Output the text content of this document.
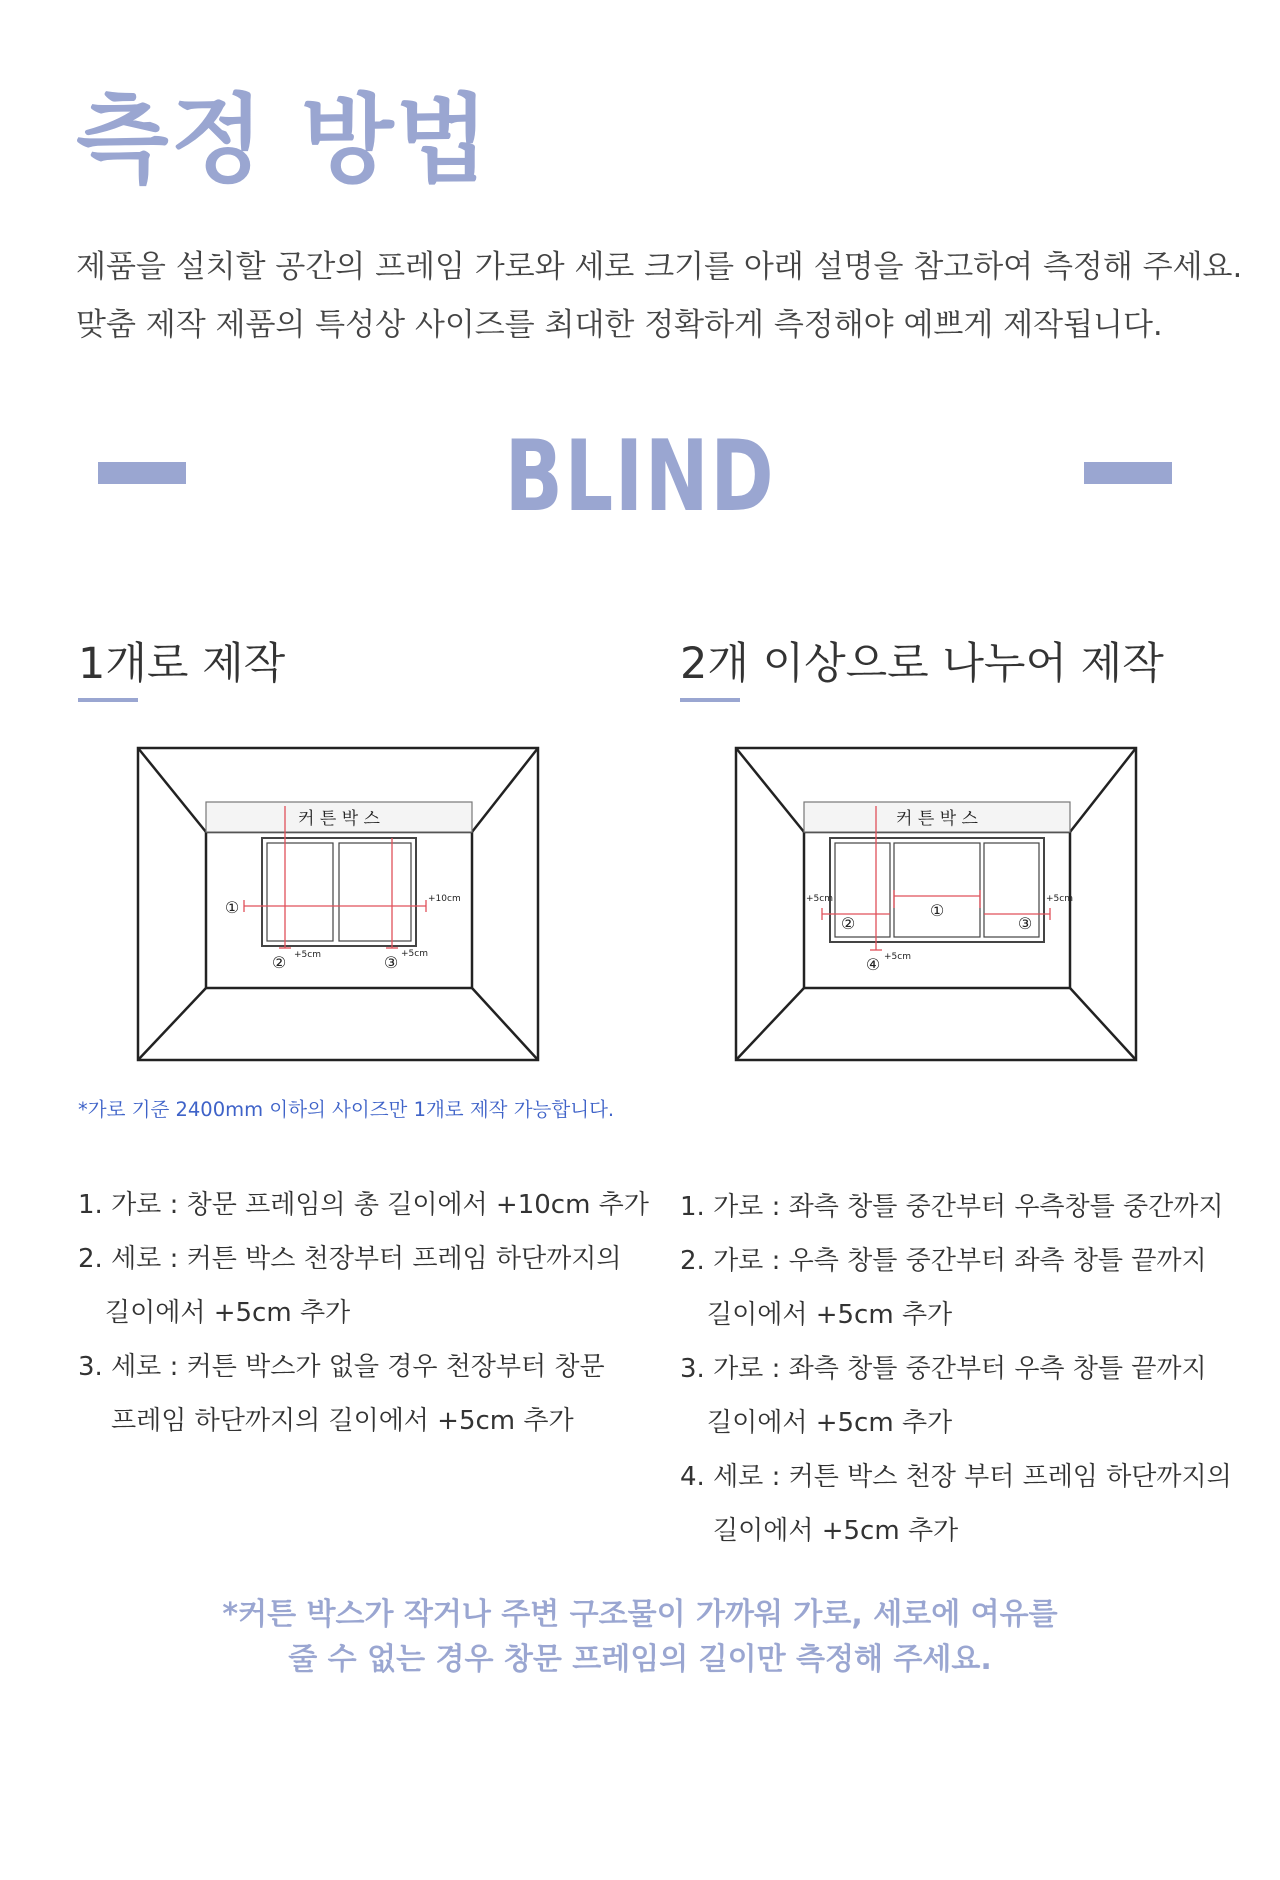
측정 방법
제품을 설치할 공간의 프레임 가로와 세로 크기를 아래 설명을 참고하여 측정해 주세요.
맞춤 제작 제품의 특성상 사이즈를 최대한 정확하게 측정해야 예쁘게 제작됩니다.
BLIND
1개로 제작
커 튼 박 스
①
②	③
+10cm
+5cm	+5cm
*가로 기준 2400mm 이하의 사이즈만 1개로 제작 가능합니다.
1. 가로 : 창문 프레임의 총 길이에서 +10cm 추가
2. 세로 : 커튼 박스 천장부터 프레임 하단까지의
길이에서 +5cm 추가
3. 세로 : 커튼 박스가 없을 경우 천장부터 창문
프레임 하단까지의 길이에서 +5cm 추가
2개 이상으로 나누어 제작
커 튼 박 스
①
②	③
④
+5cm	+5cm
+5cm
1. 가로 : 좌측 창틀 중간부터 우측창틀 중간까지
2. 가로 : 우측 창틀 중간부터 좌측 창틀 끝까지
길이에서 +5cm 추가
3. 가로 : 좌측 창틀 중간부터 우측 창틀 끝까지
길이에서 +5cm 추가
4. 세로 : 커튼 박스 천장 부터 프레임 하단까지의
길이에서 +5cm 추가
*커튼 박스가 작거나 주변 구조물이 가까워 가로, 세로에 여유를
줄 수 없는 경우 창문 프레임의 길이만 측정해 주세요.
